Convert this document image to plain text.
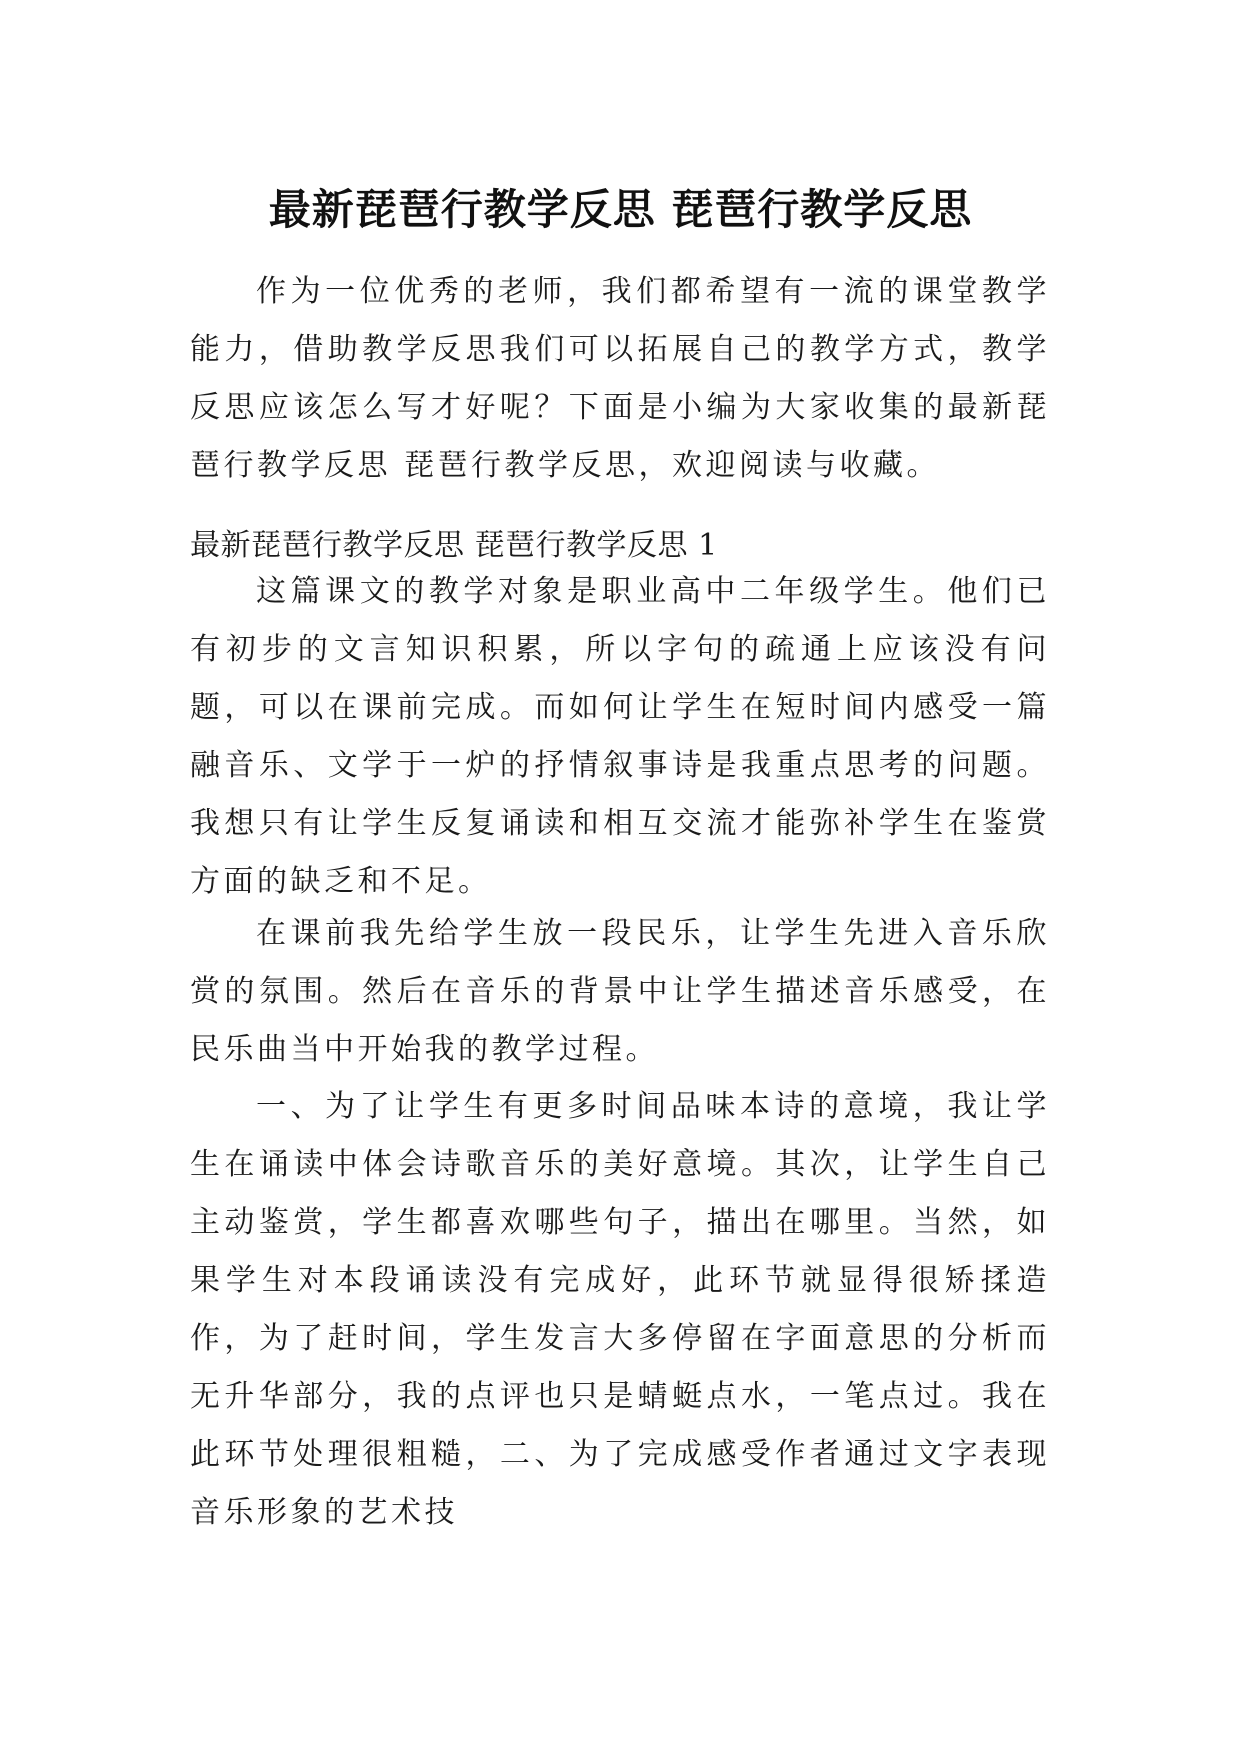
最新琵琶行教学反思 琵琶行教学反思

作为一位优秀的老师，我们都希望有一流的课堂教学能力，借助教学反思我们可以拓展自己的教学方式，教学反思应该怎么写才好呢？下面是小编为大家收集的最新琵琶行教学反思 琵琶行教学反思，欢迎阅读与收藏。

最新琵琶行教学反思 琵琶行教学反思 1

这篇课文的教学对象是职业高中二年级学生。他们已有初步的文言知识积累，所以字句的疏通上应该没有问题，可以在课前完成。而如何让学生在短时间内感受一篇融音乐、文学于一炉的抒情叙事诗是我重点思考的问题。我想只有让学生反复诵读和相互交流才能弥补学生在鉴赏方面的缺乏和不足。

在课前我先给学生放一段民乐，让学生先进入音乐欣赏的氛围。然后在音乐的背景中让学生描述音乐感受，在民乐曲当中开始我的教学过程。

一、为了让学生有更多时间品味本诗的意境，我让学生在诵读中体会诗歌音乐的美好意境。其次，让学生自己主动鉴赏，学生都喜欢哪些句子，描出在哪里。当然，如果学生对本段诵读没有完成好，此环节就显得很矫揉造作，为了赶时间，学生发言大多停留在字面意思的分析而无升华部分，我的点评也只是蜻蜓点水，一笔点过。我在此环节处理很粗糙，二、为了完成感受作者通过文字表现音乐形象的艺术技
